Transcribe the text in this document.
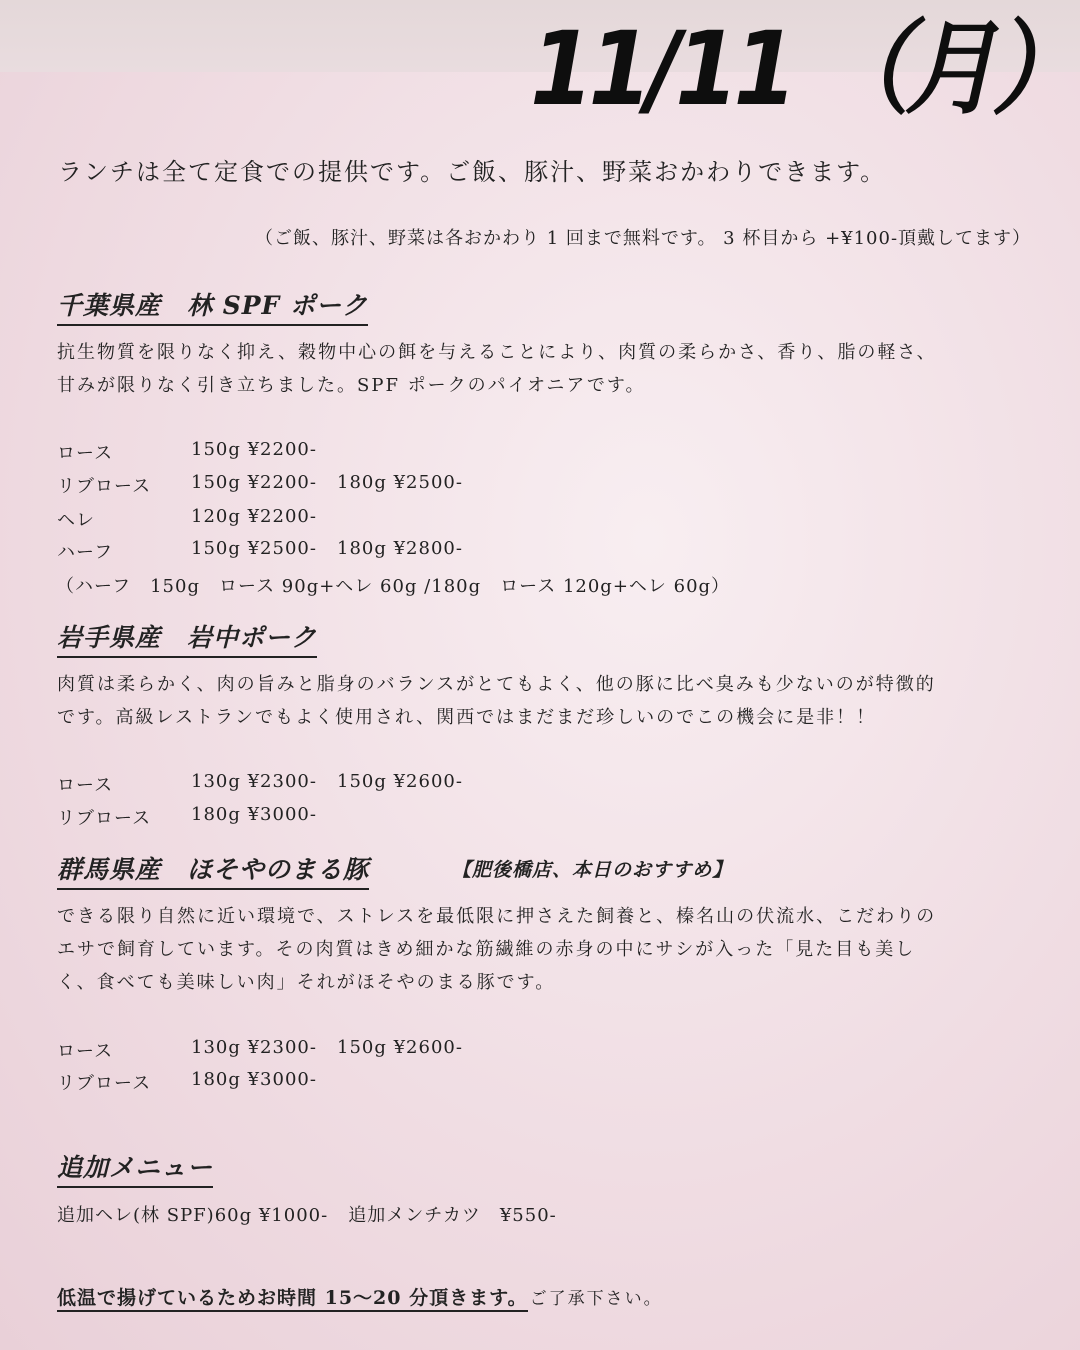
11/11 （月）
ランチは全て定食での提供です。ご飯、豚汁、野菜おかわりできます。
（ご飯、豚汁、野菜は各おかわり 1 回まで無料です。 3 杯目から +¥100-頂戴してます）
千葉県産　林 SPF ポーク
抗生物質を限りなく抑え、穀物中心の餌を与えることにより、肉質の柔らかさ、香り、脂の軽さ、甘みが限りなく引き立ちました。SPF ポークのパイオニアです。
ロース	150g ¥2200-
リブロース 150g ¥2200- 180g ¥2500-
ヘレ	120g ¥2200-
ハーフ	150g ¥2500- 180g ¥2800-
（ハーフ　150g　ロース 90g+ヘレ 60g /180g　ロース 120g+ヘレ 60g）
岩手県産　岩中ポーク
肉質は柔らかく、肉の旨みと脂身のバランスがとてもよく、他の豚に比べ臭みも少ないのが特徴的です。高級レストランでもよく使用され、関西ではまだまだ珍しいのでこの機会に是非！！
ロース	130g ¥2300- 150g ¥2600-
リブロース 180g ¥3000-
群馬県産　ほそやのまる豚	【肥後橋店、本日のおすすめ】
できる限り自然に近い環境で、ストレスを最低限に押さえた飼養と、榛名山の伏流水、こだわりのエサで飼育しています。その肉質はきめ細かな筋繊維の赤身の中にサシが入った「見た目も美しく、食べても美味しい肉」それがほそやのまる豚です。
ロース	130g ¥2300- 150g ¥2600-
リブロース 180g ¥3000-
追加メニュー
追加ヘレ(林 SPF)60g ¥1000- 追加メンチカツ　¥550-
低温で揚げているためお時間 15〜20 分頂きます。 ご了承下さい。
